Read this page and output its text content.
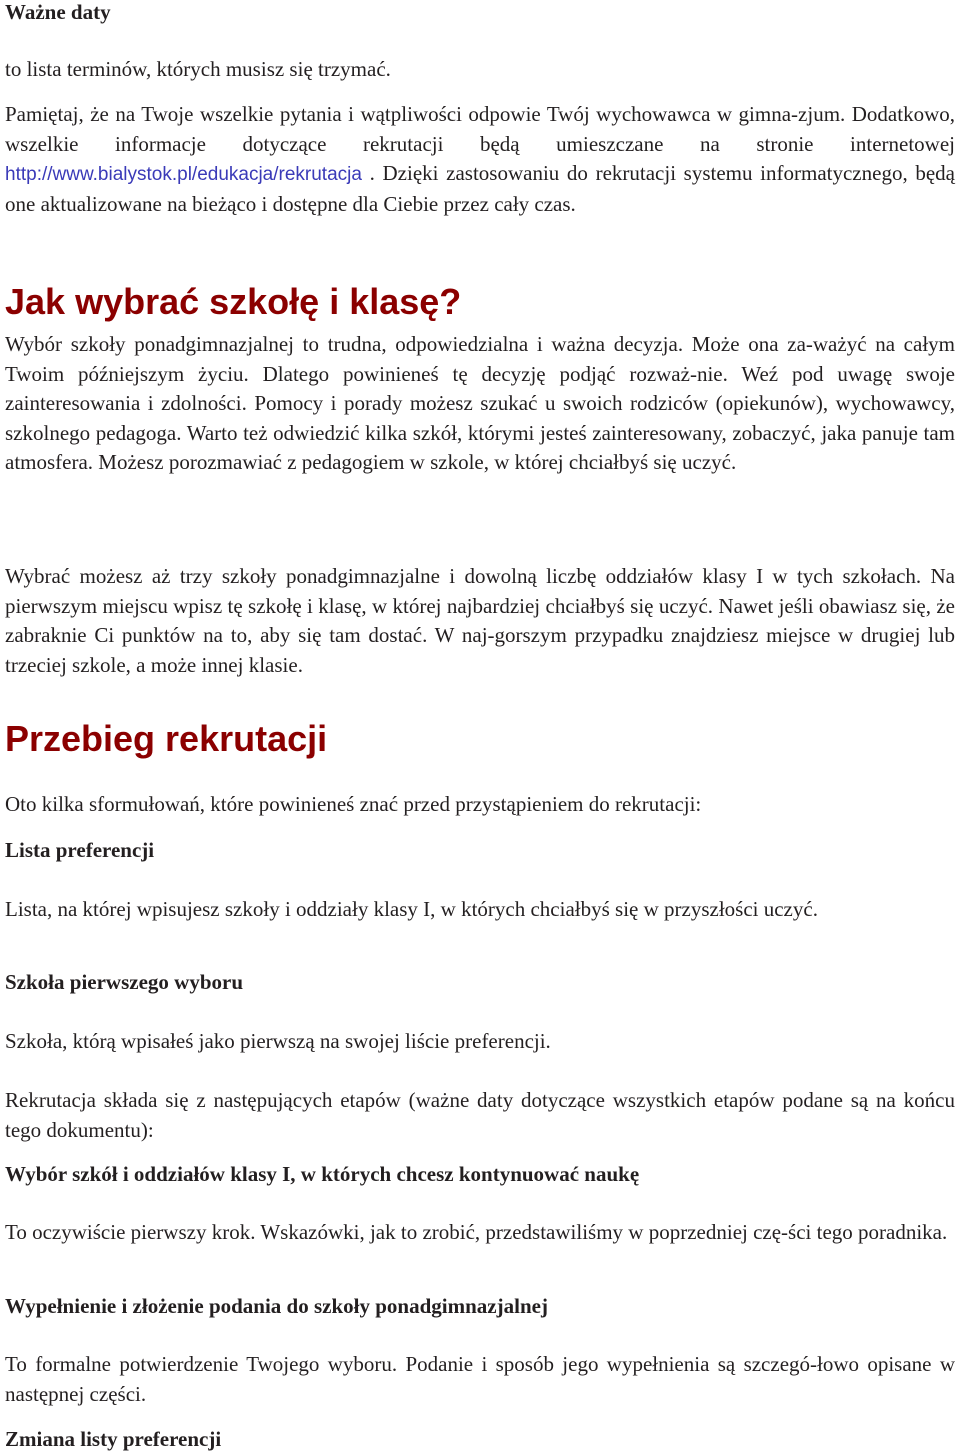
Ważne daty

to lista terminów, których musisz się trzymać.

Pamiętaj, że na Twoje wszelkie pytania i wątpliwości odpowie Twój wychowawca w gimna-zjum. Dodatkowo, wszelkie informacje dotyczące rekrutacji będą umieszczane na stronie internetowej http://www.bialystok.pl/edukacja/rekrutacja . Dzięki zastosowaniu do rekrutacji systemu informatycznego, będą one aktualizowane na bieżąco i dostępne dla Ciebie przez cały czas.

Jak wybrać szkołę i klasę?

Wybór szkoły ponadgimnazjalnej to trudna, odpowiedzialna i ważna decyzja. Może ona za-ważyć na całym Twoim późniejszym życiu. Dlatego powinieneś tę decyzję podjąć rozważ-nie. Weź pod uwagę swoje zainteresowania i zdolności. Pomocy i porady możesz szukać u swoich rodziców (opiekunów), wychowawcy, szkolnego pedagoga. Warto też odwiedzić kilka szkół, którymi jesteś zainteresowany, zobaczyć, jaka panuje tam atmosfera. Możesz porozmawiać z pedagogiem w szkole, w której chciałbyś się uczyć.

Wybrać możesz aż trzy szkoły ponadgimnazjalne i dowolną liczbę oddziałów klasy I w tych szkołach. Na pierwszym miejscu wpisz tę szkołę i klasę, w której najbardziej chciałbyś się uczyć. Nawet jeśli obawiasz się, że zabraknie Ci punktów na to, aby się tam dostać. W naj-gorszym przypadku znajdziesz miejsce w drugiej lub trzeciej szkole, a może innej klasie.

Przebieg rekrutacji

Oto kilka sformułowań, które powinieneś znać przed przystąpieniem do rekrutacji:

Lista preferencji

Lista, na której wpisujesz szkoły i oddziały klasy I, w których chciałbyś się w przyszłości uczyć.

Szkoła pierwszego wyboru

Szkoła, którą wpisałeś jako pierwszą na swojej liście preferencji.

Rekrutacja składa się z następujących etapów (ważne daty dotyczące wszystkich etapów podane są na końcu tego dokumentu):

Wybór szkół i oddziałów klasy I, w których chcesz kontynuować naukę

To oczywiście pierwszy krok. Wskazówki, jak to zrobić, przedstawiliśmy w poprzedniej czę-ści tego poradnika.

Wypełnienie i złożenie podania do szkoły ponadgimnazjalnej

To formalne potwierdzenie Twojego wyboru. Podanie i sposób jego wypełnienia są szczegó-łowo opisane w następnej części.

Zmiana listy preferencji
